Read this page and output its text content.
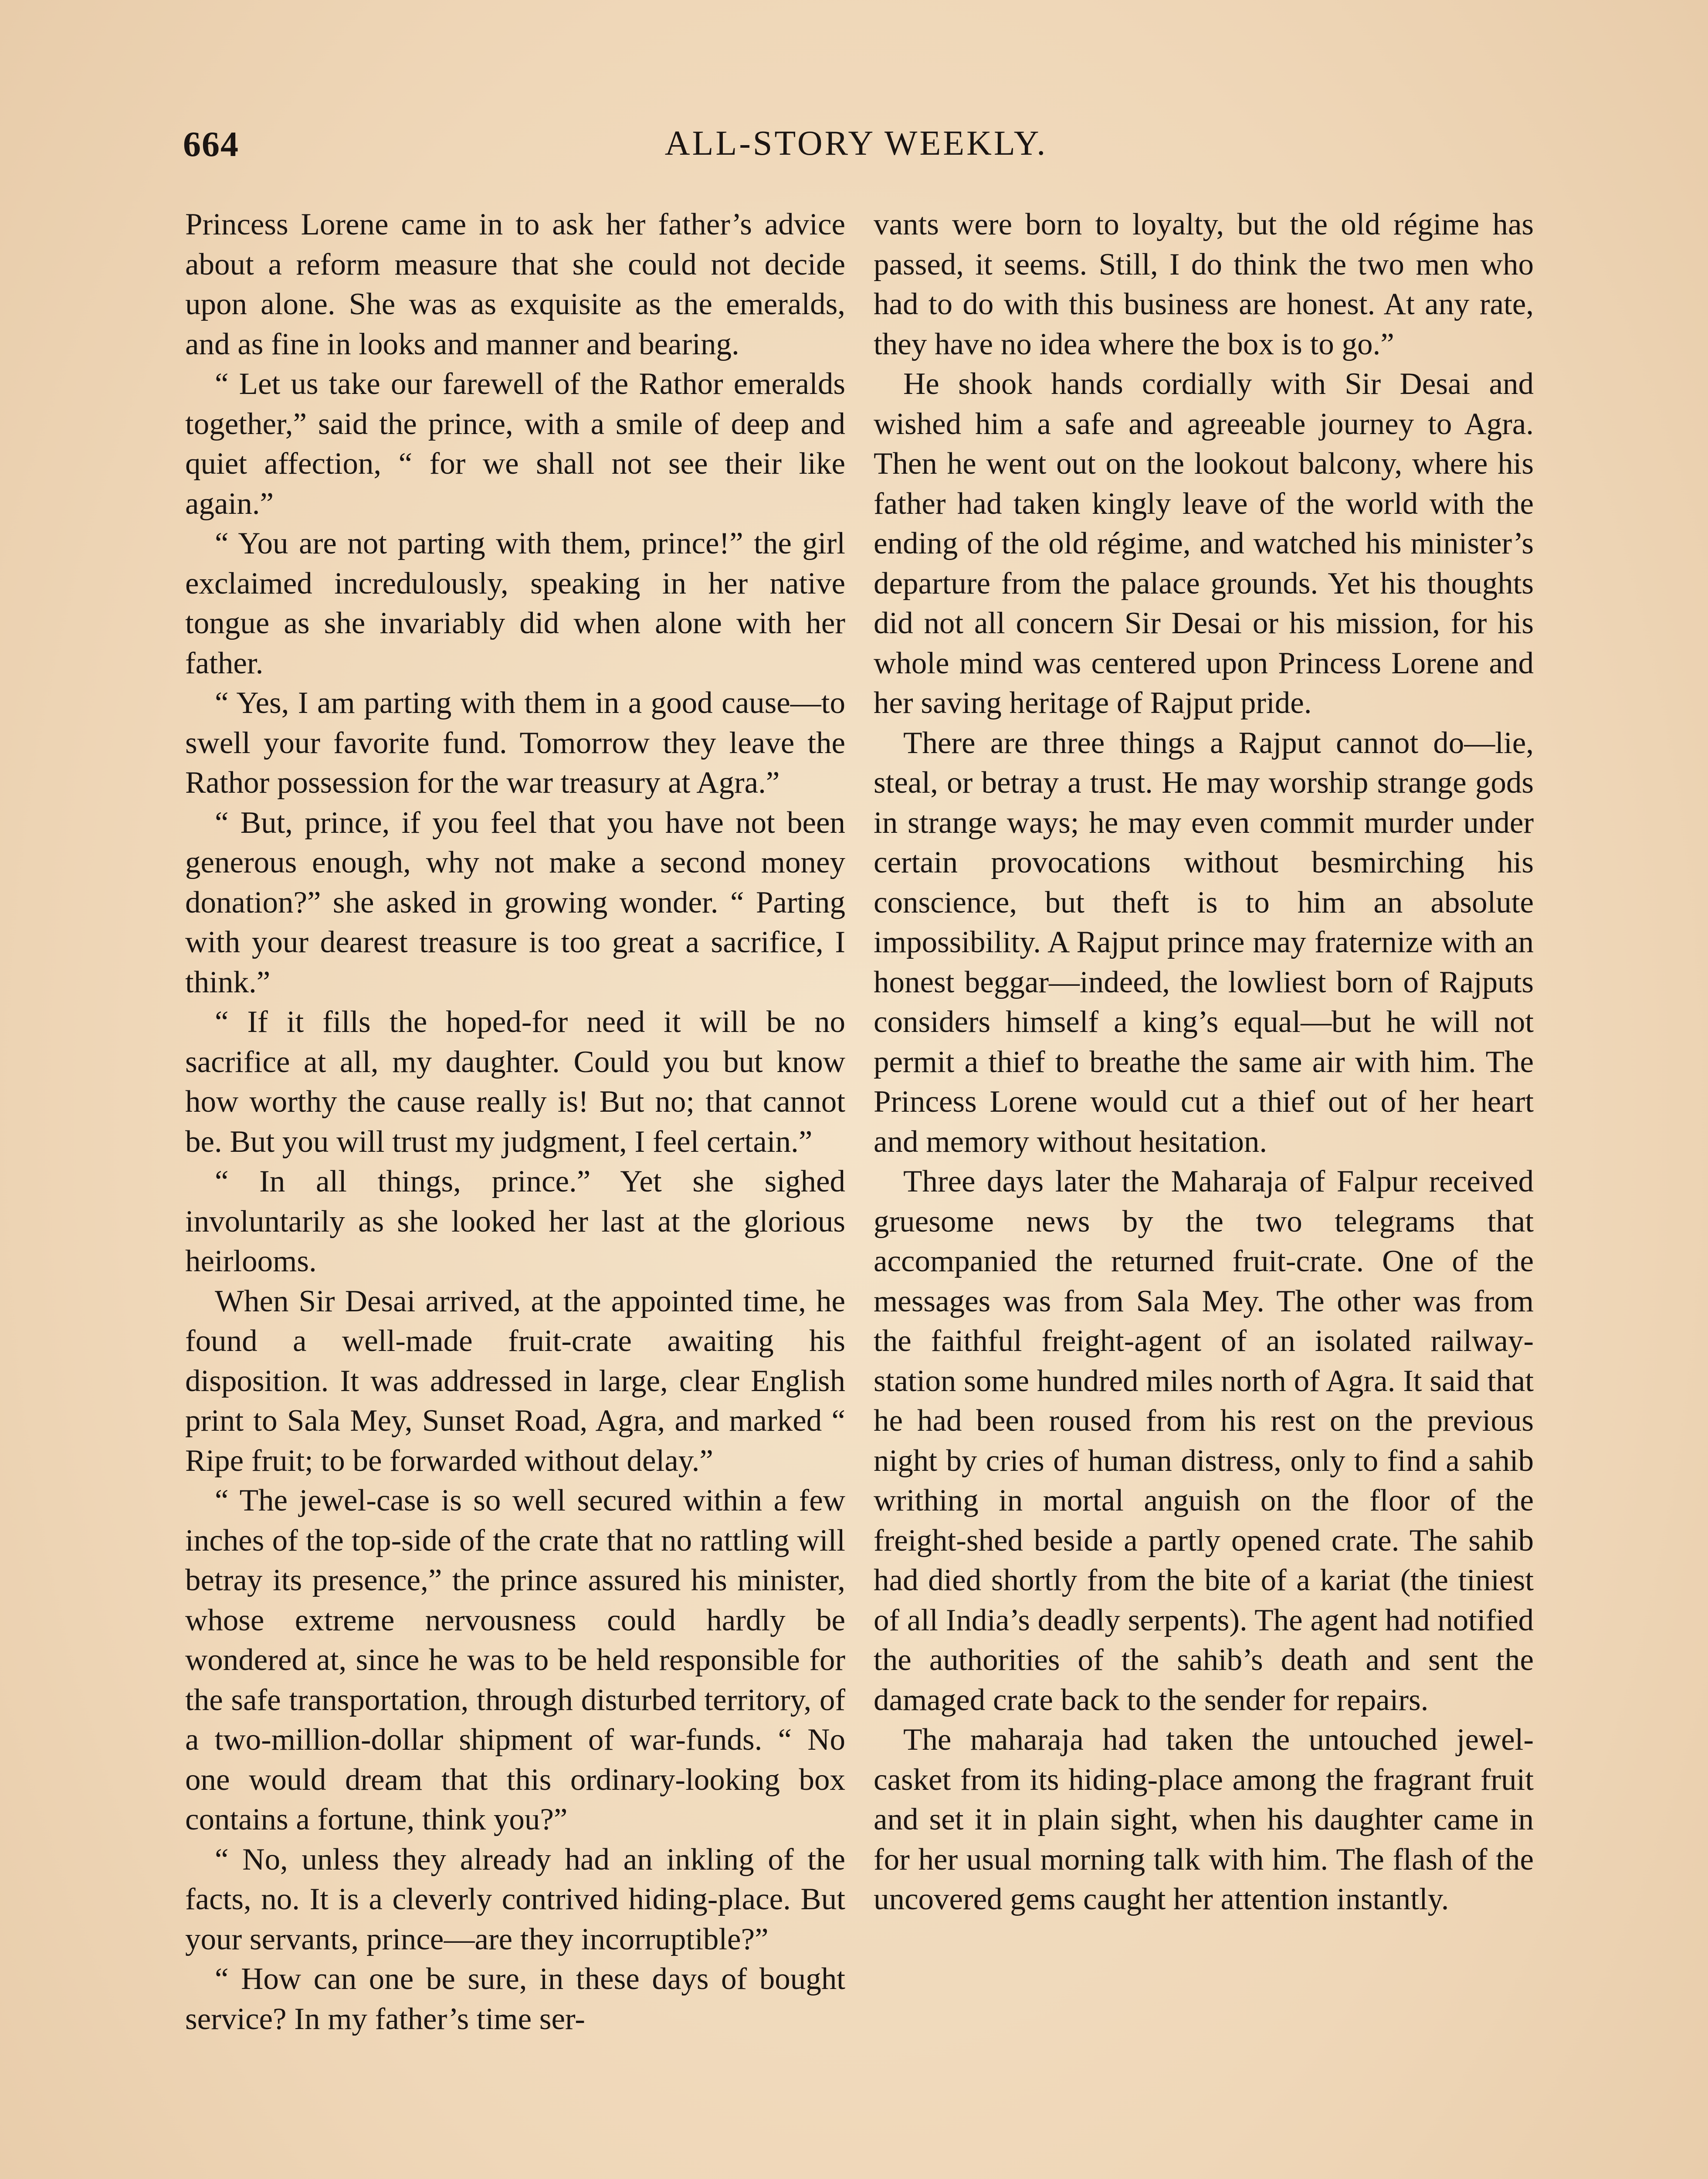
664	ALL-STORY WEEKLY.

Princess Lorene came in to ask her father’s advice about a reform measure that she could not decide upon alone. She was as exquisite as the emeralds, and as fine in looks and manner and bearing.

“ Let us take our farewell of the Rathor emeralds together,” said the prince, with a smile of deep and quiet affection, “ for we shall not see their like again.”

“ You are not parting with them, prince!” the girl exclaimed incredulously, speaking in her native tongue as she invariably did when alone with her father.

“ Yes, I am parting with them in a good cause—to swell your favorite fund. Tomorrow they leave the Rathor possession for the war treasury at Agra.”

“ But, prince, if you feel that you have not been generous enough, why not make a second money donation?” she asked in growing wonder. “ Parting with your dearest treasure is too great a sacrifice, I think.”

“ If it fills the hoped-for need it will be no sacrifice at all, my daughter. Could you but know how worthy the cause really is! But no; that cannot be. But you will trust my judgment, I feel certain.”

“ In all things, prince.” Yet she sighed involuntarily as she looked her last at the glorious heirlooms.

When Sir Desai arrived, at the appointed time, he found a well-made fruit-crate awaiting his disposition. It was addressed in large, clear English print to Sala Mey, Sunset Road, Agra, and marked “ Ripe fruit; to be forwarded without delay.”

“ The jewel-case is so well secured within a few inches of the top-side of the crate that no rattling will betray its presence,” the prince assured his minister, whose extreme nervousness could hardly be wondered at, since he was to be held responsible for the safe transportation, through disturbed territory, of a two-million-dollar shipment of war-funds. “ No one would dream that this ordinary-looking box contains a fortune, think you?”

“ No, unless they already had an inkling of the facts, no. It is a cleverly contrived hiding-place. But your servants, prince—are they incorruptible?”

“ How can one be sure, in these days of bought service? In my father’s time ser-

vants were born to loyalty, but the old régime has passed, it seems. Still, I do think the two men who had to do with this business are honest. At any rate, they have no idea where the box is to go.”

He shook hands cordially with Sir Desai and wished him a safe and agreeable journey to Agra. Then he went out on the lookout balcony, where his father had taken kingly leave of the world with the ending of the old régime, and watched his minister’s departure from the palace grounds. Yet his thoughts did not all concern Sir Desai or his mission, for his whole mind was centered upon Princess Lorene and her saving heritage of Rajput pride.

There are three things a Rajput cannot do—lie, steal, or betray a trust. He may worship strange gods in strange ways; he may even commit murder under certain provocations without besmirching his conscience, but theft is to him an absolute impossibility. A Rajput prince may fraternize with an honest beggar—indeed, the lowliest born of Rajputs considers himself a king’s equal—but he will not permit a thief to breathe the same air with him. The Princess Lorene would cut a thief out of her heart and memory without hesitation.

Three days later the Maharaja of Falpur received gruesome news by the two telegrams that accompanied the returned fruit-crate. One of the messages was from Sala Mey. The other was from the faithful freight-agent of an isolated railway-station some hundred miles north of Agra. It said that he had been roused from his rest on the previous night by cries of human distress, only to find a sahib writhing in mortal anguish on the floor of the freight-shed beside a partly opened crate. The sahib had died shortly from the bite of a kariat (the tiniest of all India’s deadly serpents). The agent had notified the authorities of the sahib’s death and sent the damaged crate back to the sender for repairs.

The maharaja had taken the untouched jewel-casket from its hiding-place among the fragrant fruit and set it in plain sight, when his daughter came in for her usual morning talk with him. The flash of the uncovered gems caught her attention instantly.
